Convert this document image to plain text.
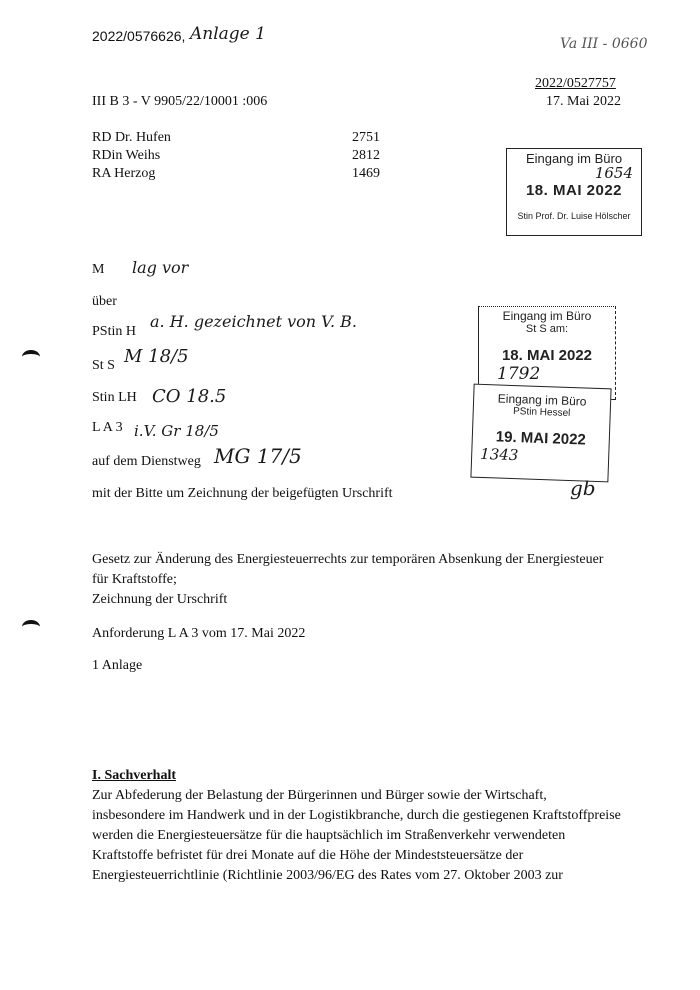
2022/0576626, Anlage 1	Va III - 0660
2022/0527757
17. Mai 2022
III B 3 - V 9905/22/10001 :006
RD Dr. Hufen	2751
RDin Weihs	2812
RA Herzog	1469
Eingang im Büro
1654
18. MAI 2022
Stin Prof. Dr. Luise Hölscher
M lag vor
über
PStin H
a. H. gezeichnet von V. B.
St S M 18/5
Stin LH CO 18.5
L A 3 i.V. Gr 18/5
auf dem Dienstweg MG 17/5
mit der Bitte um Zeichnung der beigefügten Urschrift
Eingang im Büro
St S am:
18. MAI 2022
1792
Eingang im Büro
PStin Hessel
19. MAI 2022
1343
gb
Gesetz zur Änderung des Energiesteuerrechts zur temporären Absenkung der Energiesteuer
für Kraftstoffe;
Zeichnung der Urschrift
Anforderung L A 3 vom 17. Mai 2022
1 Anlage
I. Sachverhalt
Zur Abfederung der Belastung der Bürgerinnen und Bürger sowie der Wirtschaft,
insbesondere im Handwerk und in der Logistikbranche, durch die gestiegenen Kraftstoffpreise
werden die Energiesteuersätze für die hauptsächlich im Straßenverkehr verwendeten
Kraftstoffe befristet für drei Monate auf die Höhe der Mindeststeuersätze der
Energiesteuerrichtlinie (Richtlinie 2003/96/EG des Rates vom 27. Oktober 2003 zur
